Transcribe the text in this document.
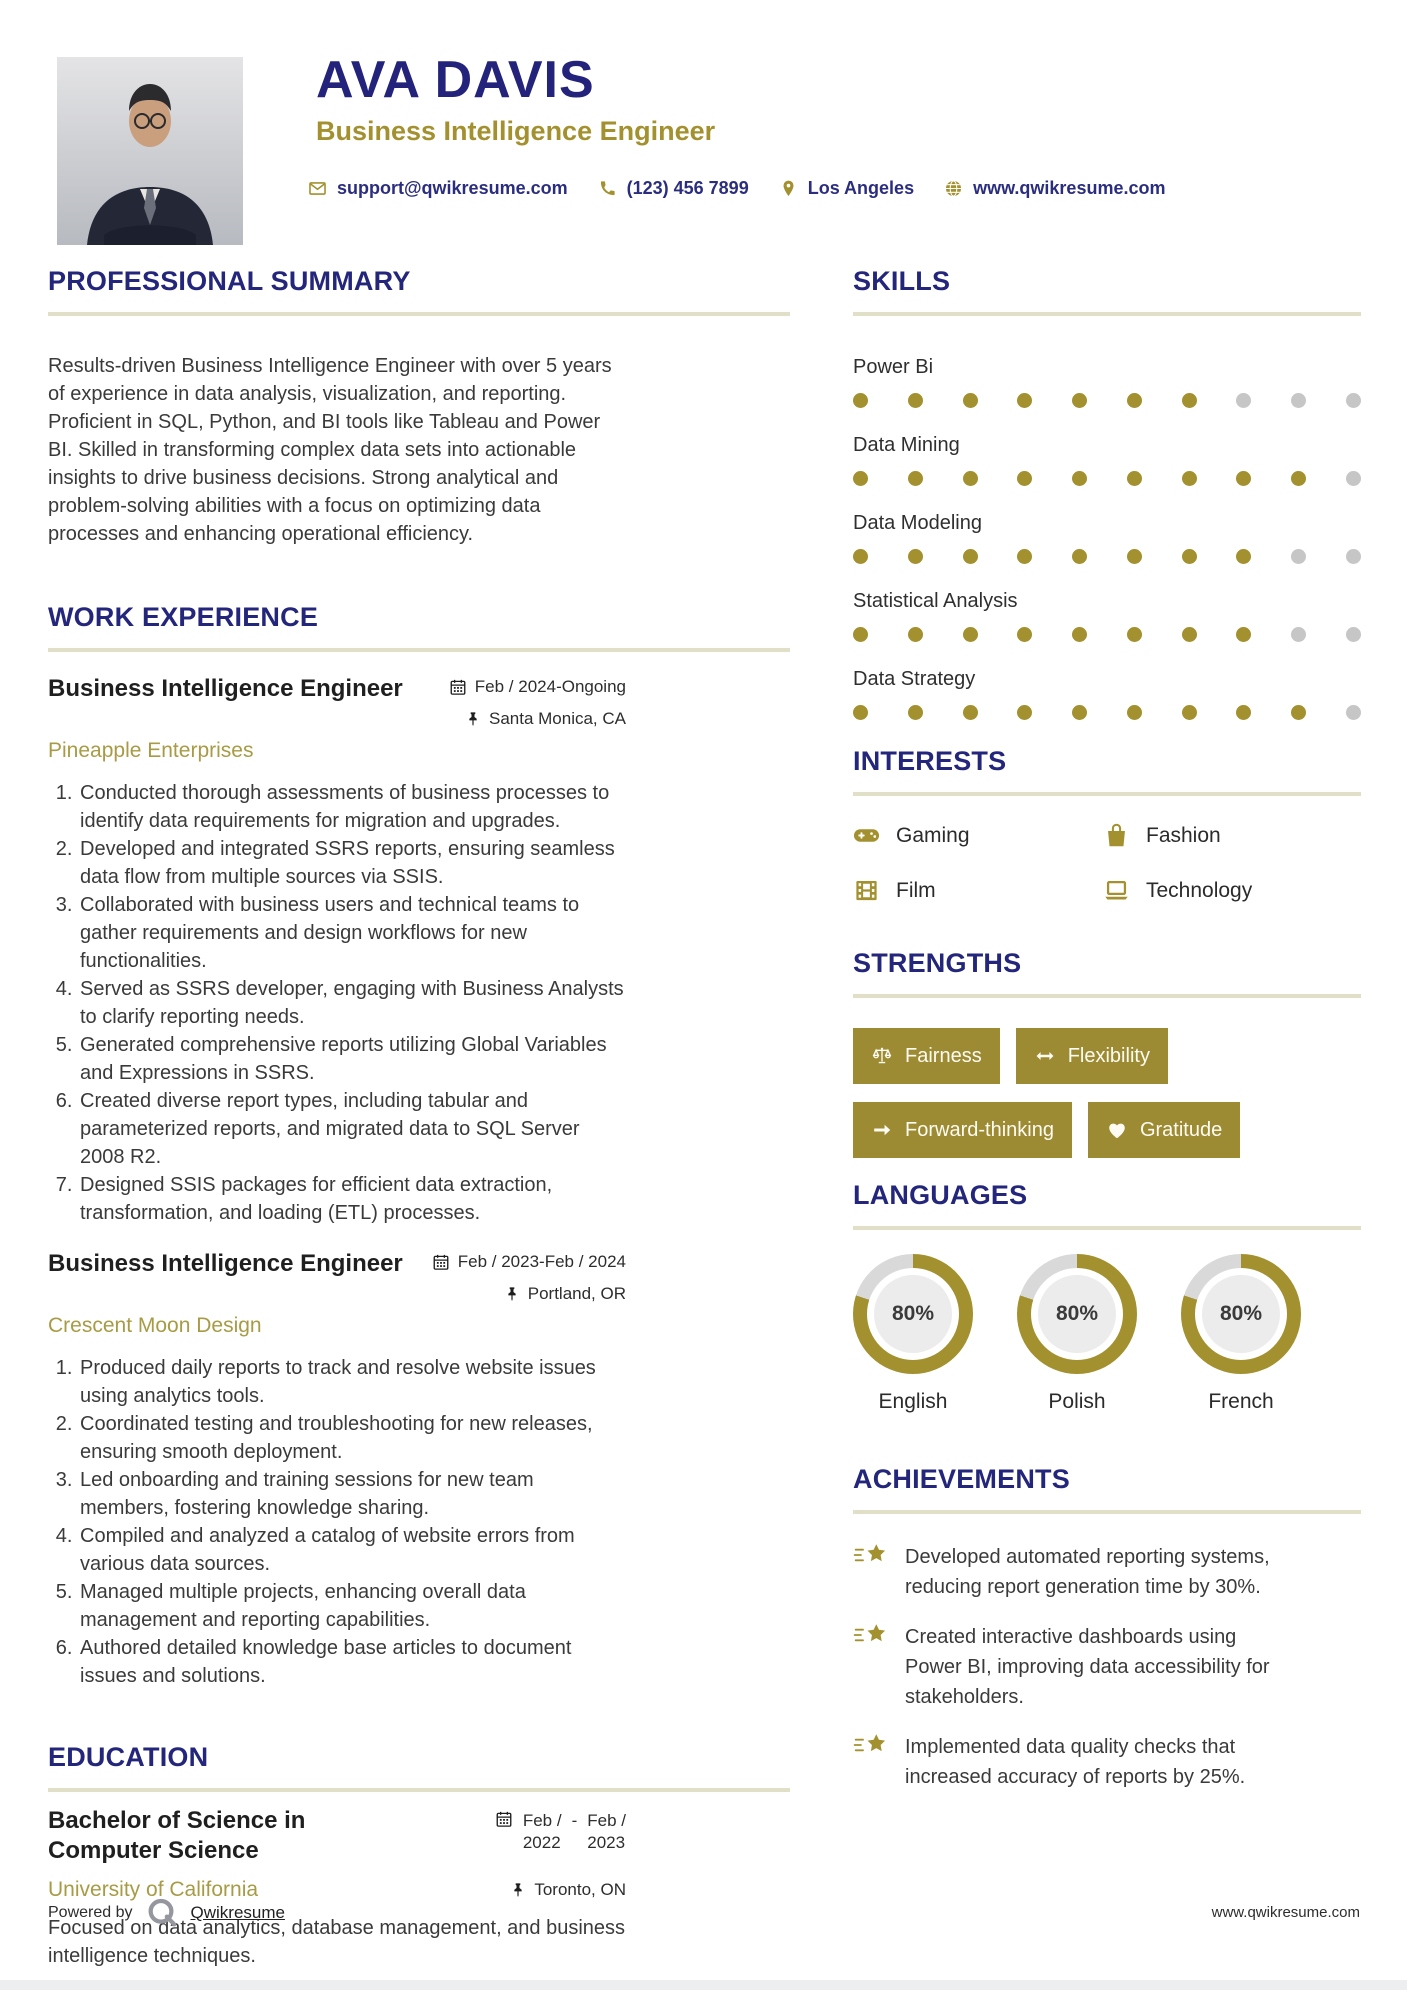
AVA DAVIS
Business Intelligence Engineer
support@qwikresume.com	(123) 456 7899	Los Angeles	www.qwikresume.com
PROFESSIONAL SUMMARY

Results-driven Business Intelligence Engineer with over 5 years of experience in data analysis, visualization, and reporting. Proficient in SQL, Python, and BI tools like Tableau and Power BI. Skilled in transforming complex data sets into actionable insights to drive business decisions. Strong analytical and problem-solving abilities with a focus on optimizing data processes and enhancing operational efficiency.

WORK EXPERIENCE
Business Intelligence Engineer	Feb / 2024-Ongoing
Santa Monica, CA
Pineapple Enterprises
1. Conducted thorough assessments of business processes to identify data requirements for migration and upgrades.
2. Developed and integrated SSRS reports, ensuring seamless data flow from multiple sources via SSIS.
3. Collaborated with business users and technical teams to gather requirements and design workflows for new functionalities.
4. Served as SSRS developer, engaging with Business Analysts to clarify reporting needs.
5. Generated comprehensive reports utilizing Global Variables and Expressions in SSRS.
6. Created diverse report types, including tabular and parameterized reports, and migrated data to SQL Server 2008 R2.
7. Designed SSIS packages for efficient data extraction, transformation, and loading (ETL) processes.
Business Intelligence Engineer	Feb / 2023-Feb / 2024
Portland, OR
Crescent Moon Design
1. Produced daily reports to track and resolve website issues using analytics tools.
2. Coordinated testing and troubleshooting for new releases, ensuring smooth deployment.
3. Led onboarding and training sessions for new team members, fostering knowledge sharing.
4. Compiled and analyzed a catalog of website errors from various data sources.
5. Managed multiple projects, enhancing overall data management and reporting capabilities.
6. Authored detailed knowledge base articles to document issues and solutions.
EDUCATION
Bachelor of Science in Computer Science
Feb /
2022
- Feb /
2023
University of California	Toronto, ON

Focused on data analytics, database management, and business intelligence techniques.

SKILLS
Power Bi
Data Mining
Data Modeling
Statistical Analysis
Data Strategy
INTERESTS
Gaming	Fashion
Film	Technology
STRENGTHS
Fairness	Flexibility
Forward-thinking	Gratitude
LANGUAGES
80%
English
80%
Polish
80%
French
ACHIEVEMENTS

Developed automated reporting systems, reducing report generation time by 30%.

Created interactive dashboards using Power BI, improving data accessibility for stakeholders.

Implemented data quality checks that increased accuracy of reports by 25%.

Powered by	Qwikresume	www.qwikresume.com
